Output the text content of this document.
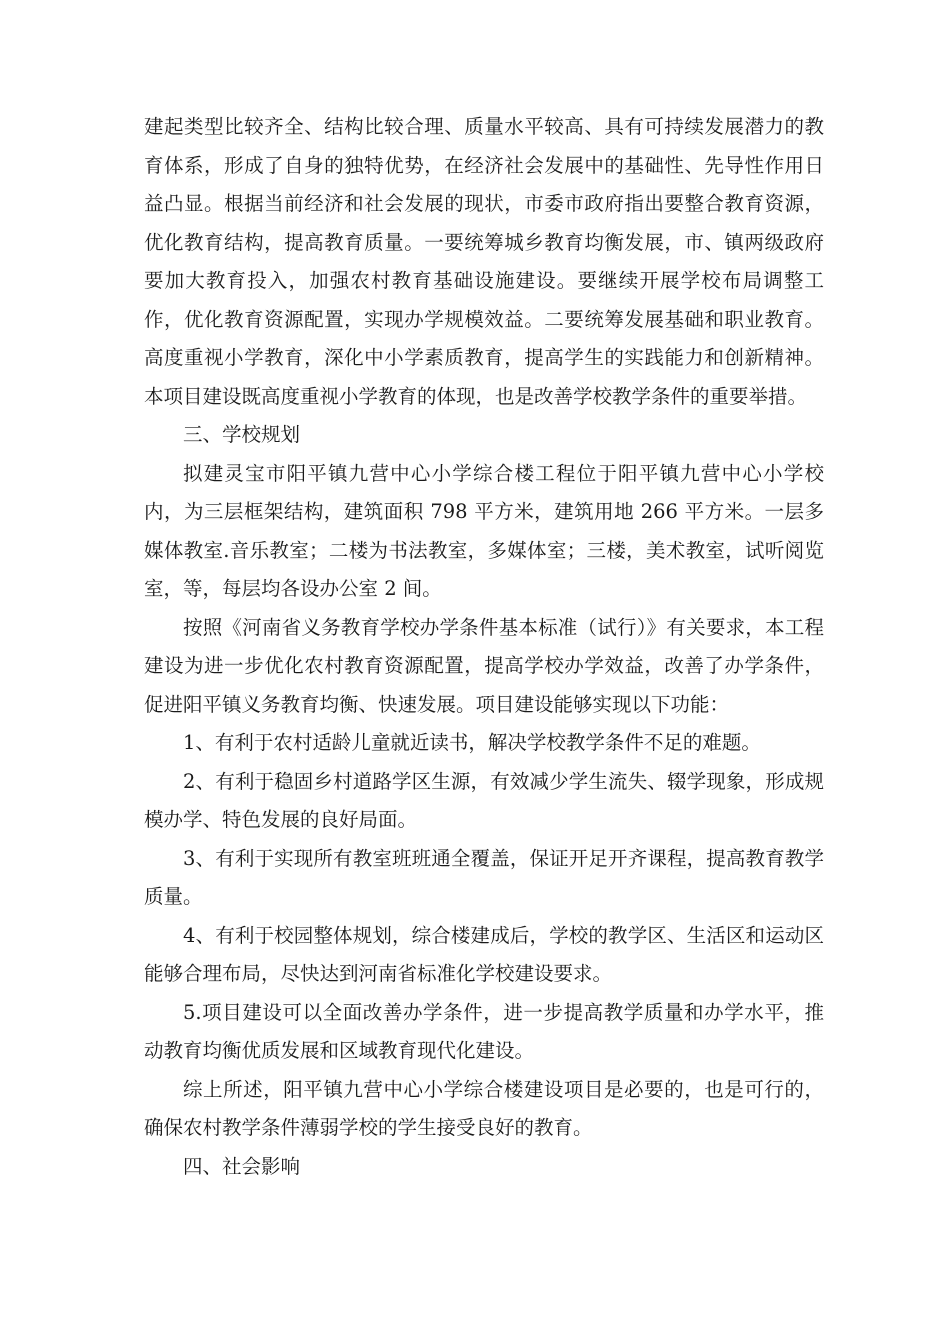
建起类型比较齐全、结构比较合理、质量水平较高、具有可持续发展潜力的教育体系，形成了自身的独特优势，在经济社会发展中的基础性、先导性作用日益凸显。根据当前经济和社会发展的现状，市委市政府指出要整合教育资源，优化教育结构，提高教育质量。一要统筹城乡教育均衡发展，市、镇两级政府要加大教育投入，加强农村教育基础设施建设。要继续开展学校布局调整工作，优化教育资源配置，实现办学规模效益。二要统筹发展基础和职业教育。高度重视小学教育，深化中小学素质教育，提高学生的实践能力和创新精神。本项目建设既高度重视小学教育的体现，也是改善学校教学条件的重要举措。

三、学校规划

拟建灵宝市阳平镇九营中心小学综合楼工程位于阳平镇九营中心小学校内，为三层框架结构，建筑面积 798 平方米，建筑用地 266 平方米。一层多媒体教室.音乐教室；二楼为书法教室，多媒体室；三楼，美术教室，试听阅览室，等，每层均各设办公室 2 间。

按照《河南省义务教育学校办学条件基本标准（试行）》有关要求，本工程建设为进一步优化农村教育资源配置，提高学校办学效益，改善了办学条件，促进阳平镇义务教育均衡、快速发展。项目建设能够实现以下功能：

1、有利于农村适龄儿童就近读书，解决学校教学条件不足的难题。

2、有利于稳固乡村道路学区生源，有效减少学生流失、辍学现象，形成规模办学、特色发展的良好局面。

3、有利于实现所有教室班班通全覆盖，保证开足开齐课程，提高教育教学质量。

4、有利于校园整体规划，综合楼建成后，学校的教学区、生活区和运动区能够合理布局，尽快达到河南省标准化学校建设要求。

5.项目建设可以全面改善办学条件，进一步提高教学质量和办学水平，推动教育均衡优质发展和区域教育现代化建设。

综上所述，阳平镇九营中心小学综合楼建设项目是必要的，也是可行的，确保农村教学条件薄弱学校的学生接受良好的教育。

四、社会影响
